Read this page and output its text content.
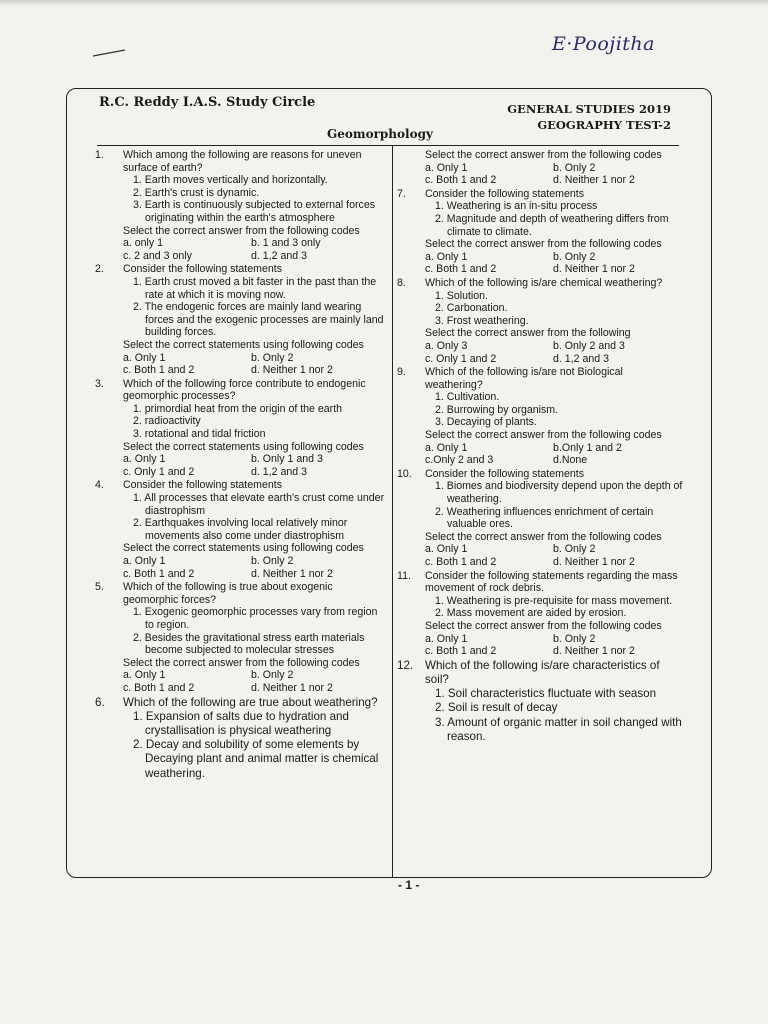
E·Poojitha
R.C. Reddy I.A.S. Study Circle	GENERAL STUDIES 2019
GEOGRAPHY TEST-2
Geomorphology
1. Which among the following are reasons for uneven surface of earth?
1. Earth moves vertically and horizontally.
2. Earth's crust is dynamic.
3. Earth is continuously subjected to external forces originating within the earth's atmosphere
Select the correct answer from the following codes
a. only 1	b. 1 and 3 only
c. 2 and 3 only	d. 1,2 and 3
2. Consider the following statements
1. Earth crust moved a bit faster in the past than the rate at which it is moving now.
2. The endogenic forces are mainly land wearing forces and the exogenic processes are mainly land building forces.
Select the correct statements using following codes
a. Only 1	b. Only 2
c. Both 1 and 2	d. Neither 1 nor 2
3. Which of the following force contribute to endogenic geomorphic processes?
1. primordial heat from the origin of the earth
2. radioactivity
3. rotational and tidal friction
Select the correct statements using following codes
a. Only 1	b. Only 1 and 3
c. Only 1 and 2	d. 1,2 and 3
4. Consider the following statements
1. All processes that elevate earth's crust come under diastrophism
2. Earthquakes involving local relatively minor movements also come under diastrophism
Select the correct statements using following codes
a. Only 1	b. Only 2
c. Both 1 and 2	d. Neither 1 nor 2
5. Which of the following is true about exogenic geomorphic forces?
1. Exogenic geomorphic processes vary from region to region.
2. Besides the gravitational stress earth materials become subjected to molecular stresses
Select the correct answer from the following codes
a. Only 1	b. Only 2
c. Both 1 and 2	d. Neither 1 nor 2
6. Which of the following are true about weathering?
1. Expansion of salts due to hydration and crystallisation is physical weathering
2. Decay and solubility of some elements by Decaying plant and animal matter is chemical weathering.
Select the correct answer from the following codes
a. Only 1	b. Only 2
c. Both 1 and 2	d. Neither 1 nor 2
7. Consider the following statements
1. Weathering is an in-situ process
2. Magnitude and depth of weathering differs from climate to climate.
Select the correct answer from the following codes
a. Only 1	b. Only 2
c. Both 1 and 2	d. Neither 1 nor 2
8. Which of the following is/are chemical weathering?
1. Solution.
2. Carbonation.
3. Frost weathering.
Select the correct answer from the following
a. Only 3	b. Only 2 and 3
c. Only 1 and 2	d. 1,2 and 3
9. Which of the following is/are not Biological weathering?
1. Cultivation.
2. Burrowing by organism.
3. Decaying of plants.
Select the correct answer from the following codes
a. Only 1	b.Only 1 and 2
c.Only 2 and 3	d.None
10. Consider the following statements
1. Biomes and biodiversity depend upon the depth of weathering.
2. Weathering influences enrichment of certain valuable ores.
Select the correct answer from the following codes
a. Only 1	b. Only 2
c. Both 1 and 2	d. Neither 1 nor 2
11. Consider the following statements regarding the mass movement of rock debris.
1. Weathering is pre-requisite for mass movement.
2. Mass movement are aided by erosion.
Select the correct answer from the following codes
a. Only 1	b. Only 2
c. Both 1 and 2	d. Neither 1 nor 2
12. Which of the following is/are characteristics of soil?
1. Soil characteristics fluctuate with season
2. Soil is result of decay
3. Amount of organic matter in soil changed with reason.
- 1 -
